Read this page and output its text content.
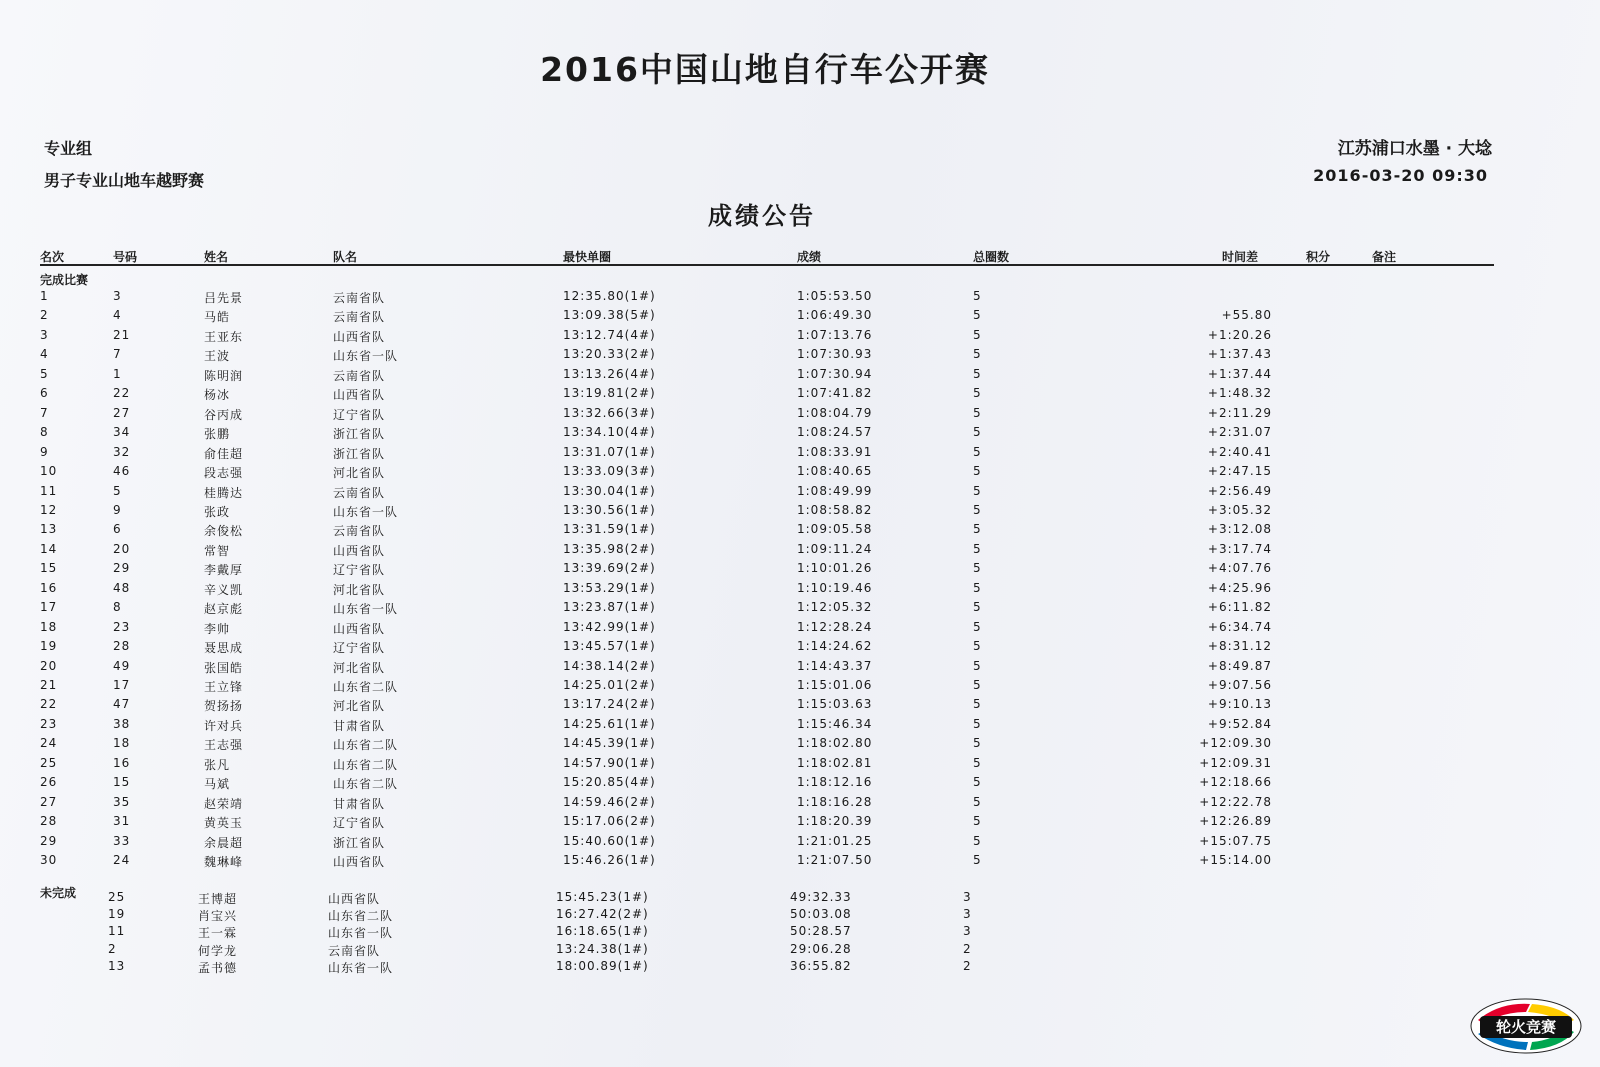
2016中国山地自行车公开赛
专业组
男子专业山地车越野赛
江苏浦口水墨 · 大埝
2016-03-20 09:30
成绩公告
名次	号码	姓名	队名	最快单圈	成绩	总圈数	时间差	积分	备注
完成比赛
1	3	吕先景	云南省队	12:35.80(1#)	1:05:53.50	5
2	4	马皓	云南省队	13:09.38(5#)	1:06:49.30	5	+55.80
3	21	王亚东	山西省队	13:12.74(4#)	1:07:13.76	5	+1:20.26
4	7	王波	山东省一队	13:20.33(2#)	1:07:30.93	5	+1:37.43
5	1	陈明润	云南省队	13:13.26(4#)	1:07:30.94	5	+1:37.44
6	22	杨冰	山西省队	13:19.81(2#)	1:07:41.82	5	+1:48.32
7	27	谷丙成	辽宁省队	13:32.66(3#)	1:08:04.79	5	+2:11.29
8	34	张鹏	浙江省队	13:34.10(4#)	1:08:24.57	5	+2:31.07
9	32	俞佳超	浙江省队	13:31.07(1#)	1:08:33.91	5	+2:40.41
10	46	段志强	河北省队	13:33.09(3#)	1:08:40.65	5	+2:47.15
11	5	桂腾达	云南省队	13:30.04(1#)	1:08:49.99	5	+2:56.49
12	9	张政	山东省一队	13:30.56(1#)	1:08:58.82	5	+3:05.32
13	6	余俊松	云南省队	13:31.59(1#)	1:09:05.58	5	+3:12.08
14	20	常智	山西省队	13:35.98(2#)	1:09:11.24	5	+3:17.74
15	29	李戴厚	辽宁省队	13:39.69(2#)	1:10:01.26	5	+4:07.76
16	48	辛义凯	河北省队	13:53.29(1#)	1:10:19.46	5	+4:25.96
17	8	赵京彪	山东省一队	13:23.87(1#)	1:12:05.32	5	+6:11.82
18	23	李帅	山西省队	13:42.99(1#)	1:12:28.24	5	+6:34.74
19	28	聂思成	辽宁省队	13:45.57(1#)	1:14:24.62	5	+8:31.12
20	49	张国皓	河北省队	14:38.14(2#)	1:14:43.37	5	+8:49.87
21	17	王立锋	山东省二队	14:25.01(2#)	1:15:01.06	5	+9:07.56
22	47	贺扬扬	河北省队	13:17.24(2#)	1:15:03.63	5	+9:10.13
23	38	许对兵	甘肃省队	14:25.61(1#)	1:15:46.34	5	+9:52.84
24	18	王志强	山东省二队	14:45.39(1#)	1:18:02.80	5	+12:09.30
25	16	张凡	山东省二队	14:57.90(1#)	1:18:02.81	5	+12:09.31
26	15	马斌	山东省二队	15:20.85(4#)	1:18:12.16	5	+12:18.66
27	35	赵荣靖	甘肃省队	14:59.46(2#)	1:18:16.28	5	+12:22.78
28	31	黄英玉	辽宁省队	15:17.06(2#)	1:18:20.39	5	+12:26.89
29	33	余晨超	浙江省队	15:40.60(1#)	1:21:01.25	5	+15:07.75
30	24	魏琳峰	山西省队	15:46.26(1#)	1:21:07.50	5	+15:14.00
未完成	25	王博超	山西省队	15:45.23(1#)	49:32.33	3
19	肖宝兴	山东省二队	16:27.42(2#)	50:03.08	3
11	王一霖	山东省一队	16:18.65(1#)	50:28.57	3
2	何学龙	云南省队	13:24.38(1#)	29:06.28	2
13	孟书德	山东省一队	18:00.89(1#)	36:55.82	2
轮火竞赛
